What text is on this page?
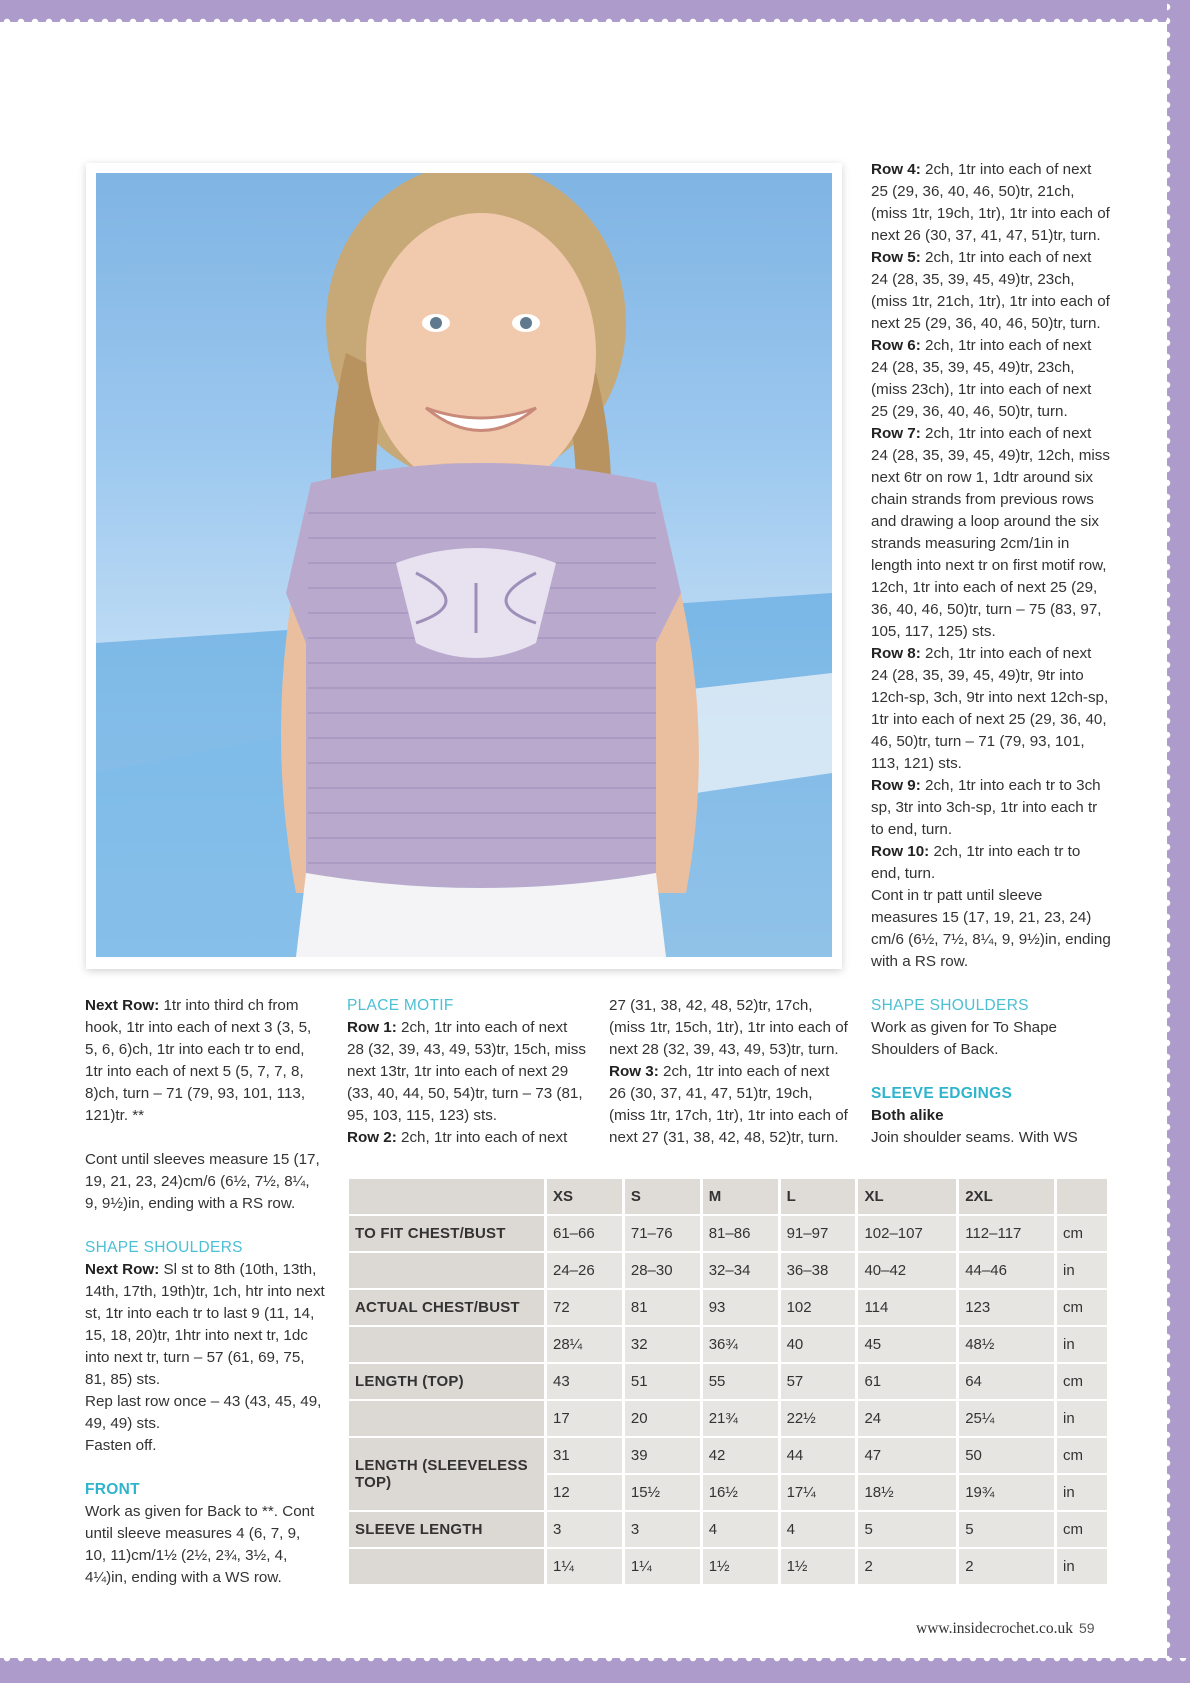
Row 4: 2ch, 1tr into each of next 25 (29, 36, 40, 46, 50)tr, 21ch, (miss 1tr, 19ch, 1tr), 1tr into each of next 26 (30, 37, 41, 47, 51)tr, turn.

Row 5: 2ch, 1tr into each of next 24 (28, 35, 39, 45, 49)tr, 23ch, (miss 1tr, 21ch, 1tr), 1tr into each of next 25 (29, 36, 40, 46, 50)tr, turn.

Row 6: 2ch, 1tr into each of next 24 (28, 35, 39, 45, 49)tr, 23ch, (miss 23ch), 1tr into each of next 25 (29, 36, 40, 46, 50)tr, turn.

Row 7: 2ch, 1tr into each of next 24 (28, 35, 39, 45, 49)tr, 12ch, miss next 6tr on row 1, 1dtr around six chain strands from previous rows and drawing a loop around the six strands measuring 2cm/1in in length into next tr on first motif row, 12ch, 1tr into each of next 25 (29, 36, 40, 46, 50)tr, turn – 75 (83, 97, 105, 117, 125) sts.

Row 8: 2ch, 1tr into each of next 24 (28, 35, 39, 45, 49)tr, 9tr into 12ch-sp, 3ch, 9tr into next 12ch-sp, 1tr into each of next 25 (29, 36, 40, 46, 50)tr, turn – 71 (79, 93, 101, 113, 121) sts.

Row 9: 2ch, 1tr into each tr to 3ch sp, 3tr into 3ch-sp, 1tr into each tr to end, turn.

Row 10: 2ch, 1tr into each tr to end, turn.

Cont in tr patt until sleeve measures 15 (17, 19, 21, 23, 24) cm/6 (6½, 7½, 8¼, 9, 9½)in, ending with a RS row.

Next Row: 1tr into third ch from hook, 1tr into each of next 3 (3, 5, 5, 6, 6)ch, 1tr into each tr to end, 1tr into each of next 5 (5, 7, 7, 8, 8)ch, turn – 71 (79, 93, 101, 113, 121)tr. **

Cont until sleeves measure 15 (17, 19, 21, 23, 24)cm/6 (6½, 7½, 8¼, 9, 9½)in, ending with a RS row.

SHAPE SHOULDERS

Next Row: Sl st to 8th (10th, 13th, 14th, 17th, 19th)tr, 1ch, htr into next st, 1tr into each tr to last 9 (11, 14, 15, 18, 20)tr, 1htr into next tr, 1dc into next tr, turn – 57 (61, 69, 75, 81, 85) sts.

Rep last row once – 43 (43, 45, 49, 49, 49) sts.

Fasten off.

FRONT

Work as given for Back to **. Cont until sleeve measures 4 (6, 7, 9, 10, 11)cm/1½ (2½, 2¾, 3½, 4, 4¼)in, ending with a WS row.

PLACE MOTIF

Row 1: 2ch, 1tr into each of next 28 (32, 39, 43, 49, 53)tr, 15ch, miss next 13tr, 1tr into each of next 29 (33, 40, 44, 50, 54)tr, turn – 73 (81, 95, 103, 115, 123) sts.

Row 2: 2ch, 1tr into each of next

27 (31, 38, 42, 48, 52)tr, 17ch, (miss 1tr, 15ch, 1tr), 1tr into each of next 28 (32, 39, 43, 49, 53)tr, turn.

Row 3: 2ch, 1tr into each of next 26 (30, 37, 41, 47, 51)tr, 19ch, (miss 1tr, 17ch, 1tr), 1tr into each of next 27 (31, 38, 42, 48, 52)tr, turn.

SHAPE SHOULDERS

Work as given for To Shape Shoulders of Back.

SLEEVE EDGINGS

Both alike

Join shoulder seams. With WS

	XS	S	M	L	XL	2XL	
TO FIT CHEST/BUST	61–66	71–76	81–86	91–97	102–107	112–117	cm
	24–26	28–30	32–34	36–38	40–42	44–46	in
ACTUAL CHEST/BUST	72	81	93	102	114	123	cm
	28¼	32	36¾	40	45	48½	in
LENGTH (TOP)	43	51	55	57	61	64	cm
	17	20	21¾	22½	24	25¼	in
LENGTH (SLEEVELESS TOP)	31	39	42	44	47	50	cm
	12	15½	16½	17¼	18½	19¾	in
SLEEVE LENGTH	3	3	4	4	5	5	cm
	1¼	1¼	1½	1½	2	2	in
www.insidecrochet.co.uk 59
